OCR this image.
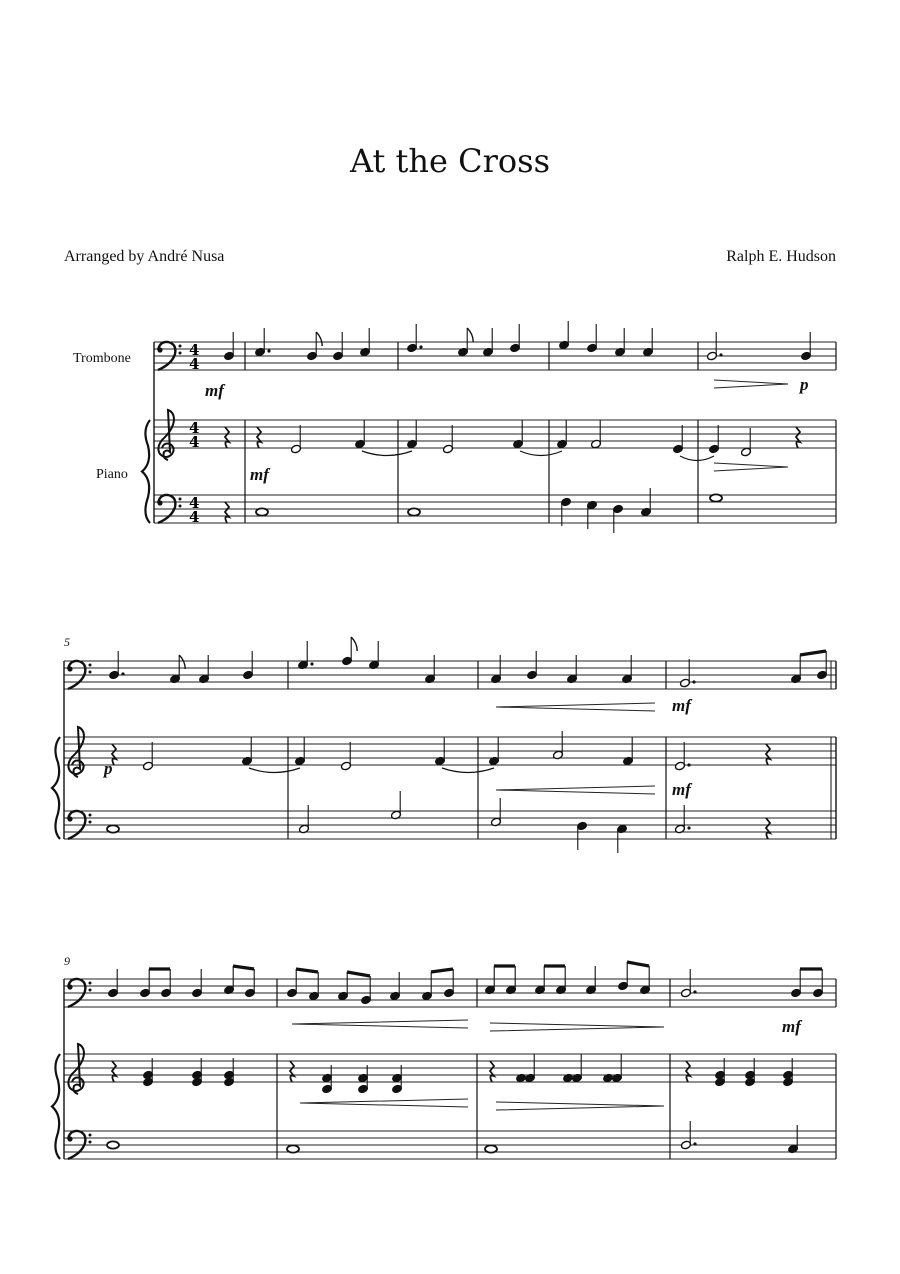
At the Cross
Arranged by André Nusa	Ralph E. Hudson
Trombone
Piano
5
9
4
4
4
4
4
4
mf	p
mf
mf
p
mf
mf
